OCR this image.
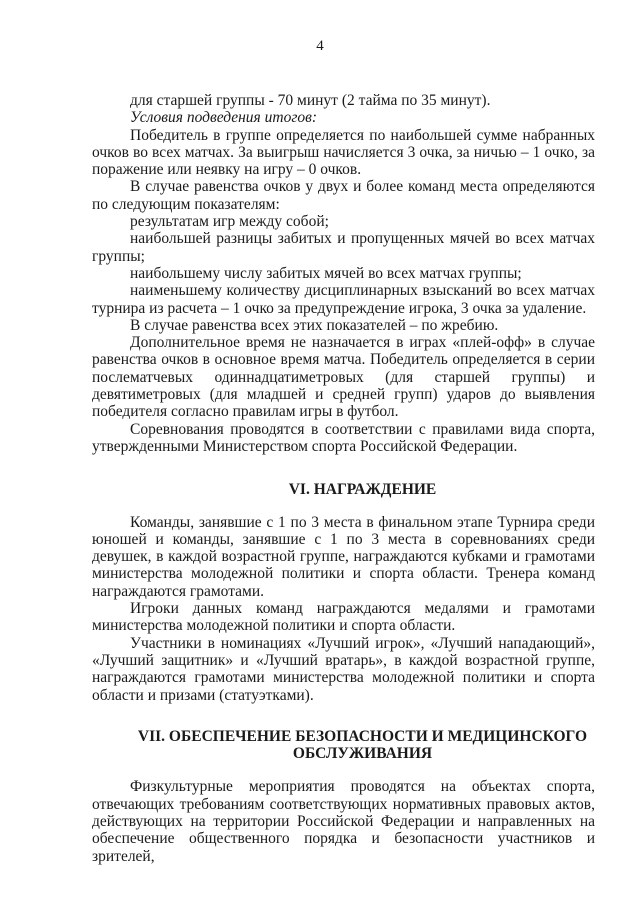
4

для старшей группы - 70 минут (2 тайма по 35 минут).

Условия подведения итогов:

Победитель в группе определяется по наибольшей сумме набранных очков во всех матчах. За выигрыш начисляется 3 очка, за ничью – 1 очко, за поражение или неявку на игру – 0 очков.

В случае равенства очков у двух и более команд места определяются по следующим показателям:

результатам игр между собой;

наибольшей разницы забитых и пропущенных мячей во всех матчах группы;

наибольшему числу забитых мячей во всех матчах группы;

наименьшему количеству дисциплинарных взысканий во всех матчах турнира из расчета – 1 очко за предупреждение игрока, 3 очка за удаление.

В случае равенства всех этих показателей – по жребию.

Дополнительное время не назначается в играх «плей-офф» в случае равенства очков в основное время матча. Победитель определяется в серии послематчевых одиннадцатиметровых (для старшей группы) и девятиметровых (для младшей и средней групп) ударов до выявления победителя согласно правилам игры в футбол.

Соревнования проводятся в соответствии с правилами вида спорта, утвержденными Министерством спорта Российской Федерации.

VI. НАГРАЖДЕНИЕ

Команды, занявшие с 1 по 3 места в финальном этапе Турнира среди юношей и команды, занявшие с 1 по 3 места в соревнованиях среди девушек, в каждой возрастной группе, награждаются кубками и грамотами министерства молодежной политики и спорта области. Тренера команд награждаются грамотами.

Игроки данных команд награждаются медалями и грамотами министерства молодежной политики и спорта области.

Участники в номинациях «Лучший игрок», «Лучший нападающий», «Лучший защитник» и «Лучший вратарь», в каждой возрастной группе, награждаются грамотами министерства молодежной политики и спорта области и призами (статуэтками).

VII. ОБЕСПЕЧЕНИЕ БЕЗОПАСНОСТИ И МЕДИЦИНСКОГО
ОБСЛУЖИВАНИЯ

Физкультурные мероприятия проводятся на объектах спорта, отвечающих требованиям соответствующих нормативных правовых актов, действующих на территории Российской Федерации и направленных на обеспечение общественного порядка и безопасности участников и зрителей,
